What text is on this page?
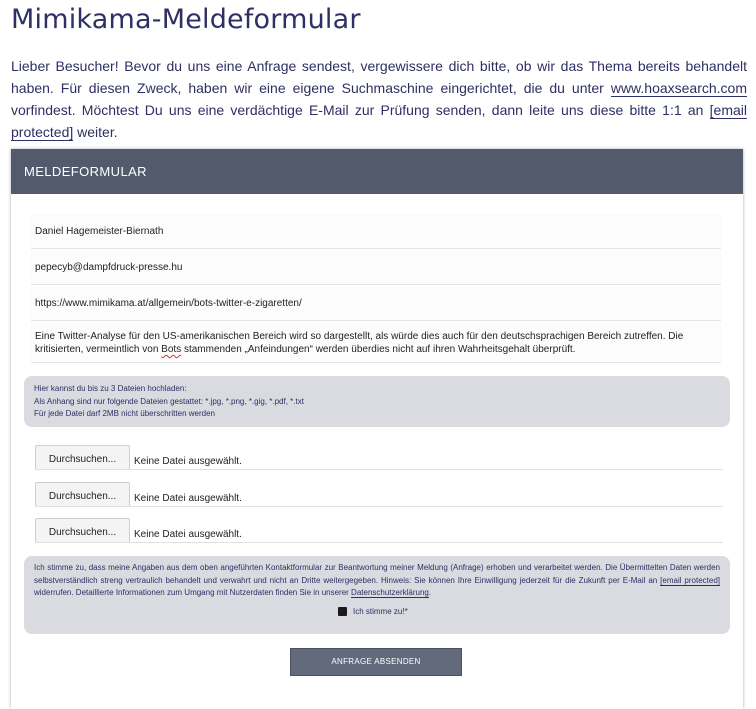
Mimikama-Meldeformular

Lieber Besucher! Bevor du uns eine Anfrage sendest, vergewissere dich bitte, ob wir das Thema bereits behandelt haben. Für diesen Zweck, haben wir eine eigene Suchmaschine eingerichtet, die du unter www.hoaxsearch.com vorfindest. Möchtest Du uns eine verdächtige E-Mail zur Prüfung senden, dann leite uns diese bitte 1:1 an [email protected] weiter.

MELDEFORMULAR
Daniel Hagemeister-Biernath
pepecyb@dampfdruck-presse.hu
https://www.mimikama.at/allgemein/bots-twitter-e-zigaretten/
Eine Twitter-Analyse für den US-amerikanischen Bereich wird so dargestellt, als würde dies auch für den deutschsprachigen Bereich zutreffen. Die kritisierten, vermeintlich von Bots stammenden „Anfeindungen“ werden überdies nicht auf ihren Wahrheitsgehalt überprüft.
Hier kannst du bis zu 3 Dateien hochladen:
Als Anhang sind nur folgende Dateien gestattet: *.jpg, *.png, *.gig, *.pdf, *.txt
Für jede Datei darf 2MB nicht überschritten werden
Durchsuchen...	Keine Datei ausgewählt.
Durchsuchen...	Keine Datei ausgewählt.
Durchsuchen...	Keine Datei ausgewählt.
Ich stimme zu, dass meine Angaben aus dem oben angeführten Kontaktformular zur Beantwortung meiner Meldung (Anfrage) erhoben und verarbeitet werden. Die Übermittelten Daten werden selbstverständlich streng vertraulich behandelt und verwahrt und nicht an Dritte weitergegeben. Hinweis: Sie können Ihre Einwilligung jederzeit für die Zukunft per E-Mail an [email protected] widerrufen. Detaillierte Informationen zum Umgang mit Nutzerdaten finden Sie in unserer Datenschutzerklärung.
Ich stimme zu!*
ANFRAGE ABSENDEN
